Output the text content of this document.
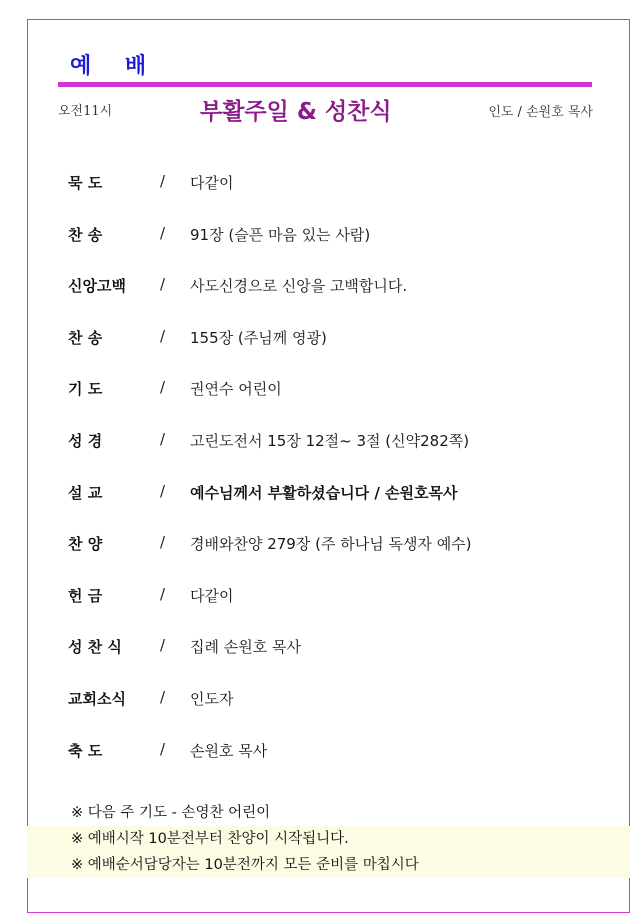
예 배
오전11시	부활주일 & 성찬식	인도 / 손원호 목사
묵 도	/ 다같이
찬 송	/ 91장 (슬픈 마음 있는 사람)
신앙고백	/ 사도신경으로 신앙을 고백합니다.
찬 송	/ 155장 (주님께 영광)
기 도	/ 권연수 어린이
성 경	/ 고린도전서 15장 12절~ 3절 (신약282쪽)
설 교	/ 예수님께서 부활하셨습니다 / 손원호목사
찬 양	/ 경배와찬양 279장 (주 하나님 독생자 예수)
헌 금	/ 다같이
성 찬 식	/ 집례 손원호 목사
교회소식	/ 인도자
축 도	/ 손원호 목사
※ 다음 주 기도 - 손영찬 어린이
※ 예배시작 10분전부터 찬양이 시작됩니다.
※ 예배순서담당자는 10분전까지 모든 준비를 마칩시다
